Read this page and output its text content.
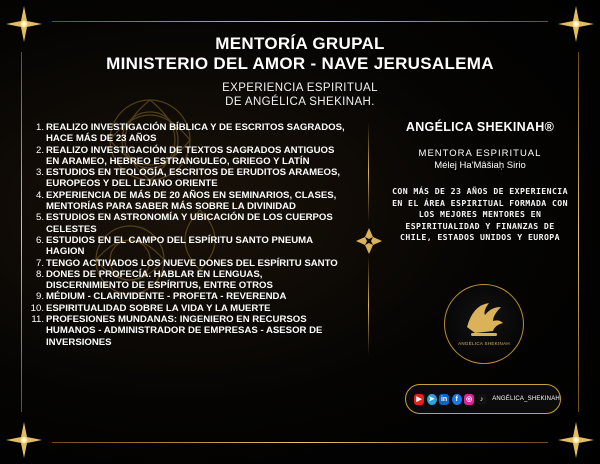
MENTORÍA GRUPAL
MINISTERIO DEL AMOR - NAVE JERUSALEMA
EXPERIENCIA ESPIRITUAL
DE ANGÉLICA SHEKINAH.
1. REALIZO INVESTIGACIÓN BÍBLICA Y DE ESCRITOS SAGRADOS, HACE MÁS DE 23 AÑOS
2. REALIZO INVESTIGACIÓN DE TEXTOS SAGRADOS ANTIGUOS EN ARAMEO, HEBREO ESTRANGULEO, GRIEGO Y LATÍN
3. ESTUDIOS EN TEOLOGÍA, ESCRITOS DE ERUDITOS ARAMEOS, EUROPEOS Y DEL LEJANO ORIENTE
4. EXPERIENCIA DE MÁS DE 20 AÑOS EN SEMINARIOS, CLASES, MENTORÍAS PARA SABER MÁS SOBRE LA DIVINIDAD
5. ESTUDIOS EN ASTRONOMÍA Y UBICACIÓN DE LOS CUERPOS CELESTES
6. ESTUDIOS EN EL CAMPO DEL ESPÍRITU SANTO PNEUMA HAGION
7. TENGO ACTIVADOS LOS NUEVE DONES DEL ESPÍRITU SANTO
8. DONES DE PROFECÍA. HABLAR EN LENGUAS, DISCERNIMIENTO DE ESPÍRITUS, ENTRE OTROS
9. MÉDIUM - CLARIVIDENTE - PROFETA - REVERENDA
10. ESPIRITUALIDAD SOBRE LA VIDA Y LA MUERTE
11. PROFESIONES MUNDANAS: INGENIERO EN RECURSOS HUMANOS - ADMINISTRADOR DE EMPRESAS - ASESOR DE INVERSIONES
ANGÉLICA SHEKINAH®
MENTORA ESPIRITUAL
Mélej Ha'Mâšiaḥ Sirio
CON MÁS DE 23 AÑOS DE EXPERIENCIA EN EL ÁREA ESPIRITUAL FORMADA CON LOS MEJORES MENTORES EN ESPIRITUALIDAD Y FINANZAS DE CHILE, ESTADOS UNIDOS Y EUROPA
ANGÉLICA SHEKINAH
▶ ➤ in	f	◎	♪	ANGÉLICA_SHEKINAH
